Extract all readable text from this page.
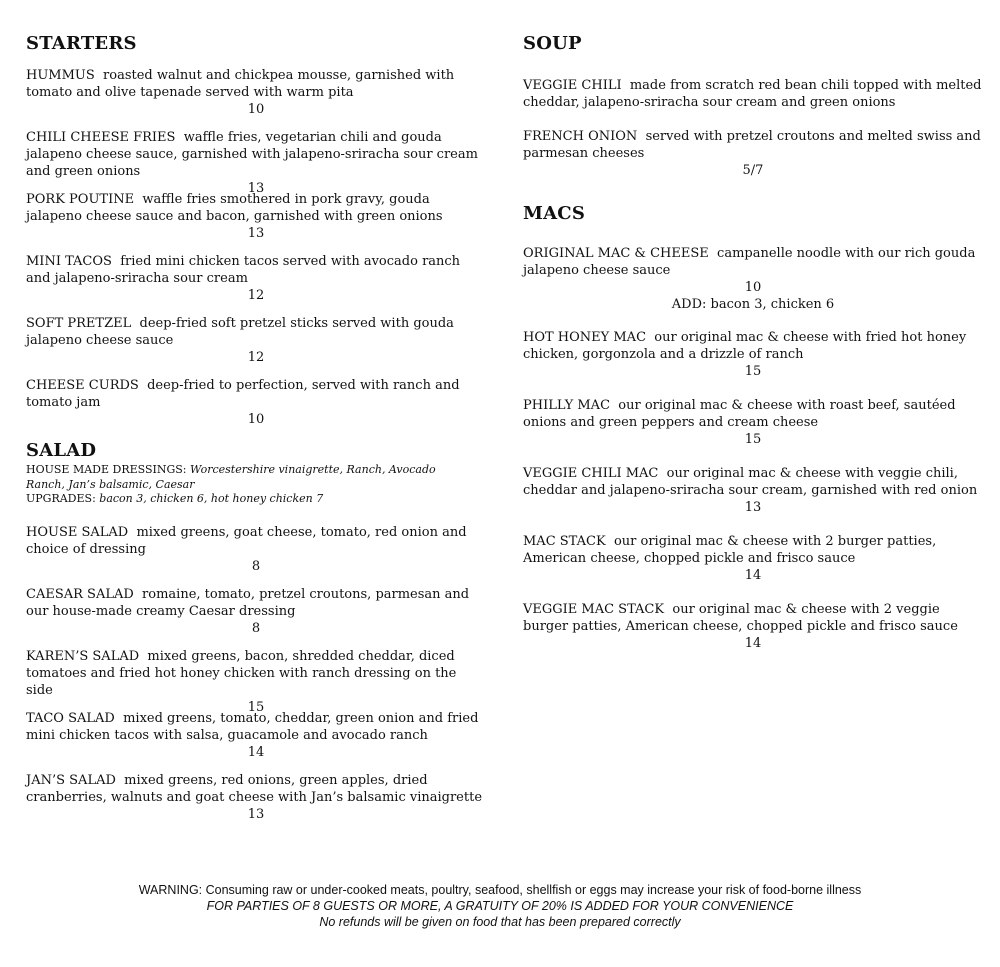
STARTERS
HUMMUS roasted walnut and chickpea mousse, garnished with tomato and olive tapenade served with warm pita
10
CHILI CHEESE FRIES waffle fries, vegetarian chili and gouda jalapeno cheese sauce, garnished with jalapeno-sriracha sour cream and green onions
13
PORK POUTINE waffle fries smothered in pork gravy, gouda jalapeno cheese sauce and bacon, garnished with green onions
13
MINI TACOS fried mini chicken tacos served with avocado ranch and jalapeno-sriracha sour cream
12
SOFT PRETZEL deep-fried soft pretzel sticks served with gouda jalapeno cheese sauce
12
CHEESE CURDS deep-fried to perfection, served with ranch and tomato jam
10
SALAD
HOUSE MADE DRESSINGS: Worcestershire vinaigrette, Ranch, Avocado Ranch, Jan’s balsamic, Caesar
UPGRADES: bacon 3, chicken 6, hot honey chicken 7
HOUSE SALAD mixed greens, goat cheese, tomato, red onion and choice of dressing
8
CAESAR SALAD romaine, tomato, pretzel croutons, parmesan and our house-made creamy Caesar dressing
8
KAREN’S SALAD mixed greens, bacon, shredded cheddar, diced tomatoes and fried hot honey chicken with ranch dressing on the side
15
TACO SALAD mixed greens, tomato, cheddar, green onion and fried mini chicken tacos with salsa, guacamole and avocado ranch
14
JAN’S SALAD mixed greens, red onions, green apples, dried cranberries, walnuts and goat cheese with Jan’s balsamic vinaigrette
13
SOUP
VEGGIE CHILI made from scratch red bean chili topped with melted cheddar, jalapeno-sriracha sour cream and green onions
FRENCH ONION served with pretzel croutons and melted swiss and parmesan cheeses
5/7
MACS
ORIGINAL MAC & CHEESE campanelle noodle with our rich gouda jalapeno cheese sauce
10
ADD: bacon 3, chicken 6
HOT HONEY MAC our original mac & cheese with fried hot honey chicken, gorgonzola and a drizzle of ranch
15
PHILLY MAC our original mac & cheese with roast beef, sautéed onions and green peppers and cream cheese
15
VEGGIE CHILI MAC our original mac & cheese with veggie chili, cheddar and jalapeno-sriracha sour cream, garnished with red onion
13
MAC STACK our original mac & cheese with 2 burger patties, American cheese, chopped pickle and frisco sauce
14
VEGGIE MAC STACK our original mac & cheese with 2 veggie burger patties, American cheese, chopped pickle and frisco sauce
14
WARNING: Consuming raw or under-cooked meats, poultry, seafood, shellfish or eggs may increase your risk of food-borne illness
FOR PARTIES OF 8 GUESTS OR MORE, A GRATUITY OF 20% IS ADDED FOR YOUR CONVENIENCE
No refunds will be given on food that has been prepared correctly
